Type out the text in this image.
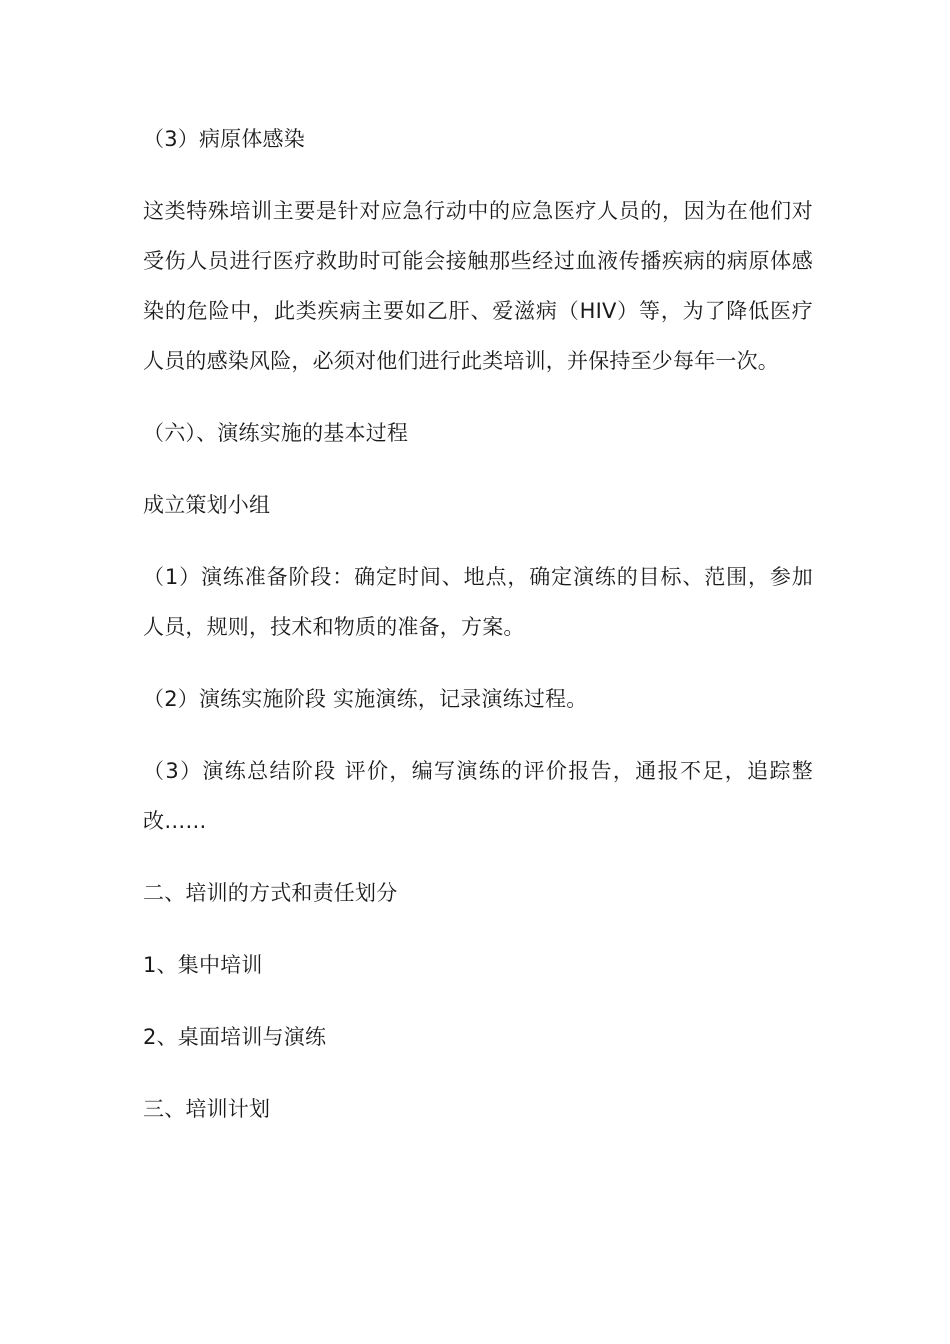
（3）病原体感染

这类特殊培训主要是针对应急行动中的应急医疗人员的，因为在他们对受伤人员进行医疗救助时可能会接触那些经过血液传播疾病的病原体感染的危险中，此类疾病主要如乙肝、爱滋病（HIV）等，为了降低医疗人员的感染风险，必须对他们进行此类培训，并保持至少每年一次。

（六）、演练实施的基本过程

成立策划小组

（1）演练准备阶段：确定时间、地点，确定演练的目标、范围，参加人员，规则，技术和物质的准备，方案。

（2）演练实施阶段 实施演练，记录演练过程。

（3）演练总结阶段 评价，编写演练的评价报告，通报不足，追踪整改……

二、培训的方式和责任划分

1、集中培训

2、桌面培训与演练

三、培训计划
